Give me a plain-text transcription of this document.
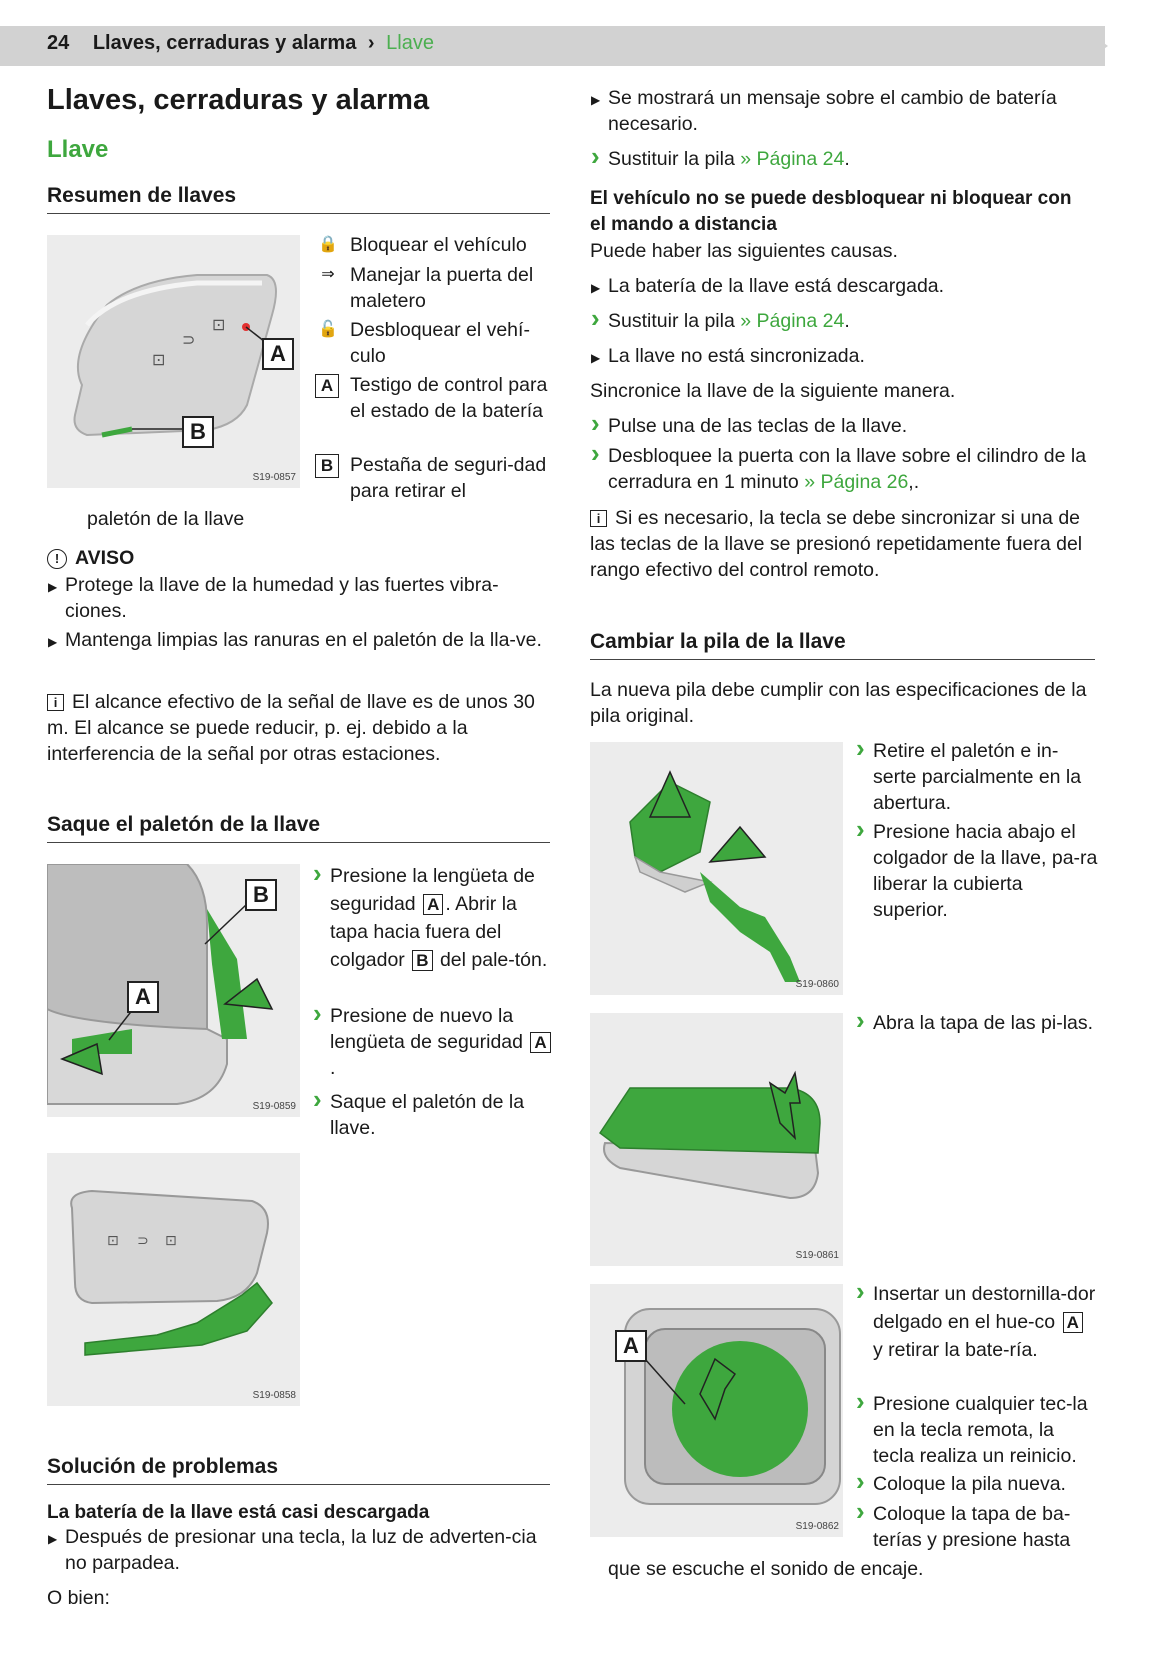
24 Llaves, cerraduras y alarma › Llave
Llaves, cerraduras y alarma
Llave
Resumen de llaves
⊡
⊃
⊡
A
B
S19-0857
🔒 Bloquear el vehículo
⇒ Manejar la puerta del maletero
🔓 Desbloquear el vehí-culo
A Testigo de control para el estado de la batería
B Pestaña de seguri-dad para retirar el
paletón de la llave
! AVISO
▶ Protege la llave de la humedad y las fuertes vibra-ciones.
▶ Mantenga limpias las ranuras en el paletón de la lla-ve.
i El alcance efectivo de la señal de llave es de unos 30 m. El alcance se puede reducir, p. ej. debido a la interferencia de la señal por otras estaciones.
Saque el paletón de la llave
B
A
S19-0859
› Presione la lengüeta de seguridad A . Abrir la tapa hacia fuera del colgador B del pale-tón.
› Presione de nuevo la lengüeta de seguridad A.
› Saque el paletón de la llave.
⊡ ⊃ ⊡
S19-0858
Solución de problemas
La batería de la llave está casi descargada
▶ Después de presionar una tecla, la luz de adverten-cia no parpadea.
O bien:
▶ Se mostrará un mensaje sobre el cambio de batería necesario.
› Sustituir la pila » Página 24.
El vehículo no se puede desbloquear ni bloquear con el mando a distancia
Puede haber las siguientes causas.
▶ La batería de la llave está descargada.
› Sustituir la pila » Página 24.
▶ La llave no está sincronizada.
Sincronice la llave de la siguiente manera.
› Pulse una de las teclas de la llave.
› Desbloquee la puerta con la llave sobre el cilindro de la cerradura en 1 minuto » Página 26,.
i Si es necesario, la tecla se debe sincronizar si una de las teclas de la llave se presionó repetidamente fuera del rango efectivo del control remoto.
Cambiar la pila de la llave
La nueva pila debe cumplir con las especificaciones de la pila original.
S19-0860
› Retire el paletón e in-serte parcialmente en la abertura.
› Presione hacia abajo el colgador de la llave, pa-ra liberar la cubierta superior.
S19-0861
› Abra la tapa de las pi-las.
A
S19-0862
› Insertar un destornilla-dor delgado en el hue-co A y retirar la bate-ría.
› Presione cualquier tec-la en la tecla remota, la tecla realiza un reinicio.
› Coloque la pila nueva.
› Coloque la tapa de ba-terías y presione hasta
que se escuche el sonido de encaje.
